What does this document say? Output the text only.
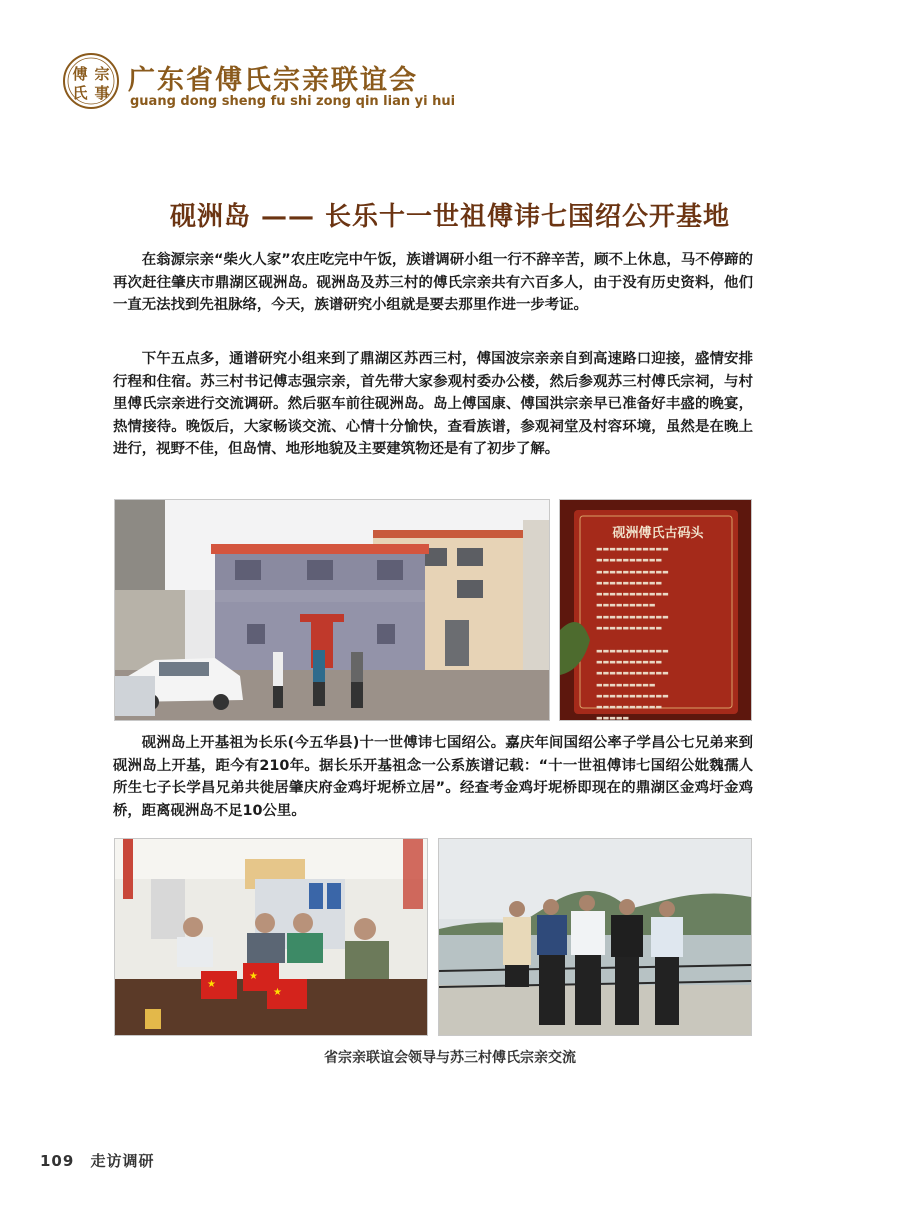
傅 宗
氏 事 广东省傅氏宗亲联谊会
guang dong sheng fu shi zong qin lian yi hui
砚洲岛 —— 长乐十一世祖傅讳七国绍公开基地

在翁源宗亲“柴火人家”农庄吃完中午饭，族谱调研小组一行不辞辛苦，顾不上休息，马不停蹄的再次赶往肇庆市鼎湖区砚洲岛。砚洲岛及苏三村的傅氏宗亲共有六百多人，由于没有历史资料，他们一直无法找到先祖脉络，今天，族谱研究小组就是要去那里作进一步考证。

下午五点多，通谱研究小组来到了鼎湖区苏西三村，傅国波宗亲亲自到高速路口迎接，盛情安排行程和住宿。苏三村书记傅志强宗亲，首先带大家参观村委办公楼，然后参观苏三村傅氏宗祠，与村里傅氏宗亲进行交流调研。然后驱车前往砚洲岛。岛上傅国康、傅国洪宗亲早已准备好丰盛的晚宴，热情接待。晚饭后，大家畅谈交流、心情十分愉快，查看族谱，参观祠堂及村容环境，虽然是在晚上进行，视野不佳，但岛情、地形地貌及主要建筑物还是有了初步了解。

砚洲傅氏古码头
▬▬▬▬▬▬▬▬▬▬▬
▬▬▬▬▬▬▬▬▬▬
▬▬▬▬▬▬▬▬▬▬▬
▬▬▬▬▬▬▬▬▬▬
▬▬▬▬▬▬▬▬▬▬▬
▬▬▬▬▬▬▬▬▬
▬▬▬▬▬▬▬▬▬▬▬
▬▬▬▬▬▬▬▬▬▬

▬▬▬▬▬▬▬▬▬▬▬
▬▬▬▬▬▬▬▬▬▬
▬▬▬▬▬▬▬▬▬▬▬
▬▬▬▬▬▬▬▬▬
▬▬▬▬▬▬▬▬▬▬▬
▬▬▬▬▬▬▬▬▬▬
▬▬▬▬▬

砚洲岛上开基祖为长乐(今五华县)十一世傅讳七国绍公。嘉庆年间国绍公率子学昌公七兄弟来到砚洲岛上开基，距今有210年。据长乐开基祖念一公系族谱记载：“十一世祖傅讳七国绍公妣魏孺人所生七子长学昌兄弟共徙居肇庆府金鸡圩坭桥立居”。经查考金鸡圩坭桥即现在的鼎湖区金鸡圩金鸡桥，距离砚洲岛不足10公里。

★
★
★
省宗亲联谊会领导与苏三村傅氏宗亲交流
109 走访调研
